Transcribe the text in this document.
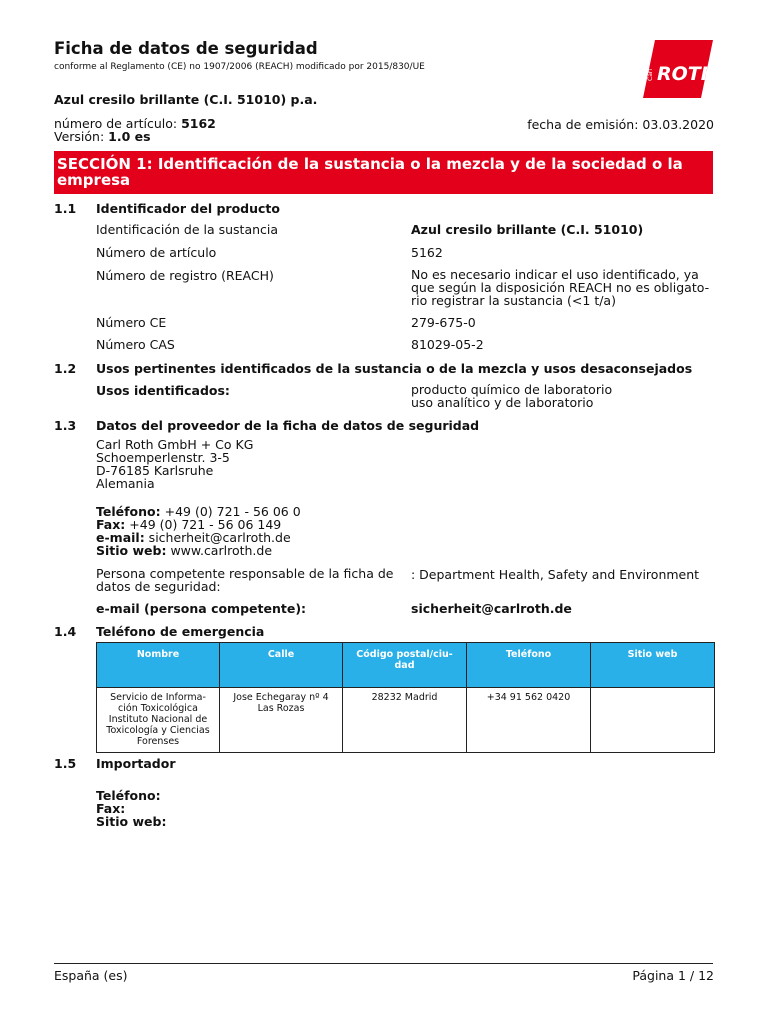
Ficha de datos de seguridad
conforme al Reglamento (CE) no 1907/2006 (REACH) modificado por 2015/830/UE
Carl ROTH
Azul cresilo brillante (C.I. 51010) p.a.
número de artículo: 5162
Versión: 1.0 es
fecha de emisión: 03.03.2020
SECCIÓN 1: Identificación de la sustancia o la mezcla y de la sociedad o la empresa
1.1 Identificador del producto
Identificación de la sustancia	Azul cresilo brillante (C.I. 51010)
Número de artículo	5162
Número de registro (REACH)	No es necesario indicar el uso identificado, ya que según la disposición REACH no es obligato-rio registrar la sustancia (<1 t/a)
Número CE	279-675-0
Número CAS	81029-05-2
1.2 Usos pertinentes identificados de la sustancia o de la mezcla y usos desaconsejados
Usos identificados:	producto químico de laboratorio
uso analítico y de laboratorio
1.3 Datos del proveedor de la ficha de datos de seguridad
Carl Roth GmbH + Co KG
Schoemperlenstr. 3-5
D-76185 Karlsruhe
Alemania
Teléfono: +49 (0) 721 - 56 06 0
Fax: +49 (0) 721 - 56 06 149
e-mail: sicherheit@carlroth.de
Sitio web: www.carlroth.de
Persona competente responsable de la ficha de datos de seguridad:
: Department Health, Safety and Environment
e-mail (persona competente):	sicherheit@carlroth.de
1.4 Teléfono de emergencia
Nombre	Calle	Código postal/ciu-dad	Teléfono	Sitio web
Servicio de Informa-ción Toxicológica Instituto Nacional de Toxicología y Ciencias Forenses	Jose Echegaray nº 4 Las Rozas	28232 Madrid	+34 91 562 0420	
1.5 Importador
Teléfono:
Fax:
Sitio web:
España (es)	Página 1 / 12
